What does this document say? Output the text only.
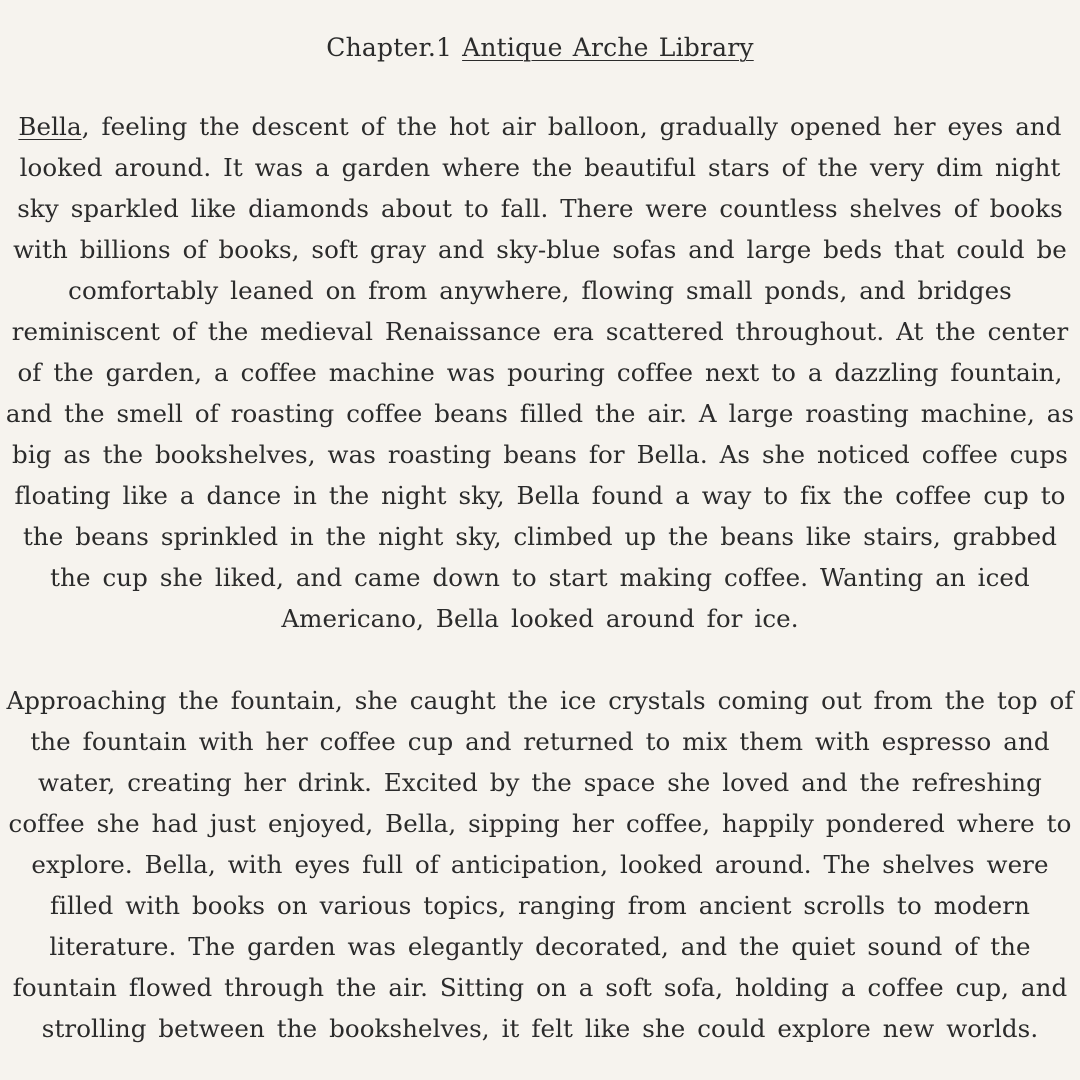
Chapter.1 Antique Arche Library

Bella, feeling the descent of the hot air balloon, gradually opened her eyes and looked around. It was a garden where the beautiful stars of the very dim night sky sparkled like diamonds about to fall. There were countless shelves of books with billions of books, soft gray and sky-blue sofas and large beds that could be comfortably leaned on from anywhere, flowing small ponds, and bridges reminiscent of the medieval Renaissance era scattered throughout. At the center of the garden, a coffee machine was pouring coffee next to a dazzling fountain, and the smell of roasting coffee beans filled the air. A large roasting machine, as big as the bookshelves, was roasting beans for Bella. As she noticed coffee cups floating like a dance in the night sky, Bella found a way to fix the coffee cup to the beans sprinkled in the night sky, climbed up the beans like stairs, grabbed the cup she liked, and came down to start making coffee. Wanting an iced Americano, Bella looked around for ice.

Approaching the fountain, she caught the ice crystals coming out from the top of the fountain with her coffee cup and returned to mix them with espresso and water, creating her drink. Excited by the space she loved and the refreshing coffee she had just enjoyed, Bella, sipping her coffee, happily pondered where to explore. Bella, with eyes full of anticipation, looked around. The shelves were filled with books on various topics, ranging from ancient scrolls to modern literature. The garden was elegantly decorated, and the quiet sound of the fountain flowed through the air. Sitting on a soft sofa, holding a coffee cup, and strolling between the bookshelves, it felt like she could explore new worlds.
